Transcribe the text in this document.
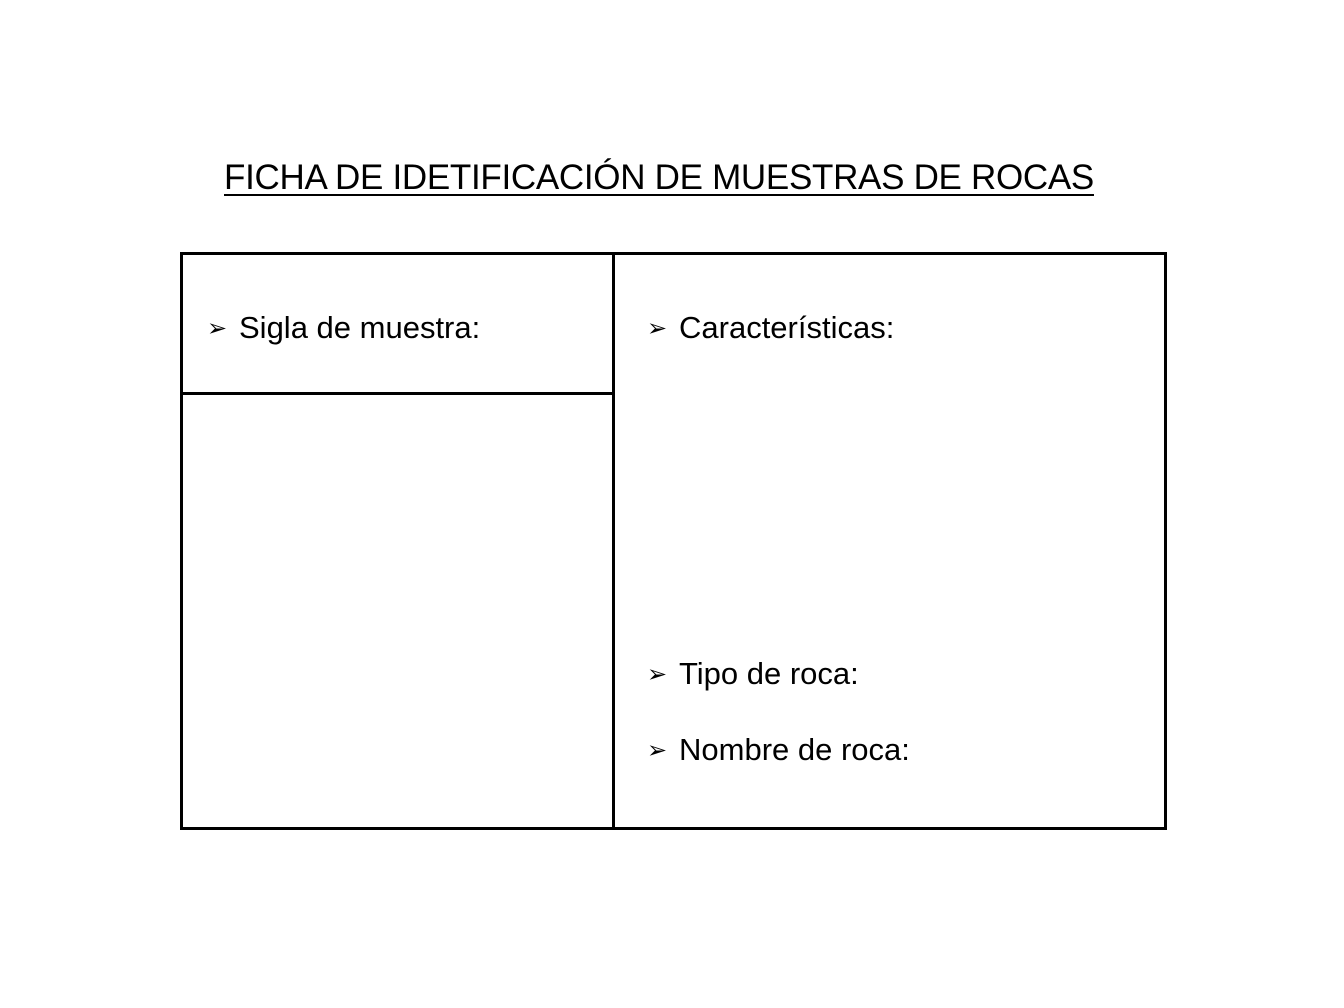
FICHA DE IDETIFICACIÓN DE MUESTRAS DE ROCAS
➢ Sigla de muestra:	➢ Características:
➢ Tipo de roca:
➢ Nombre de roca:
